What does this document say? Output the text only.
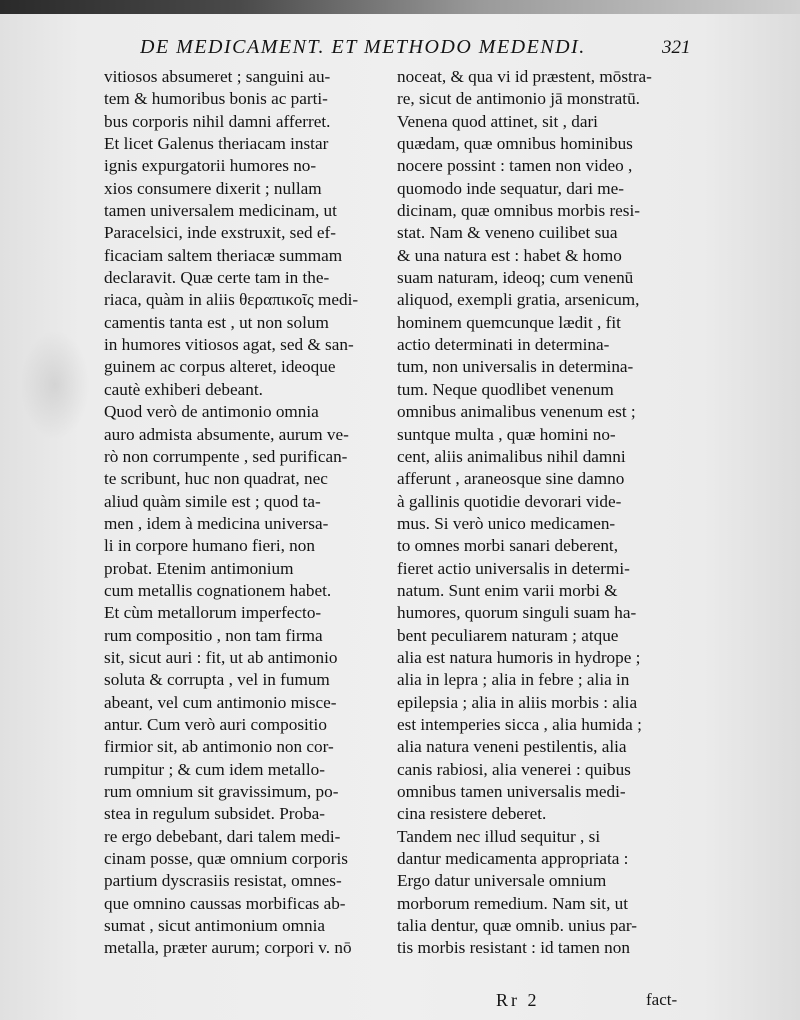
DE MEDICAMENT. ET METHODO MEDENDI.	321
vitiosos absumeret ; sanguini au-
tem & humoribus bonis ac parti-
bus corporis nihil damni afferret.
Et licet Galenus theriacam instar
ignis expurgatorii humores no-
xios consumere dixerit ; nullam
tamen universalem medicinam, ut
Paracelsici, inde exstruxit, sed ef-
ficaciam saltem theriacæ summam
declaravit. Quæ certe tam in the-
riaca, quàm in aliis θεραπικοῖς medi-
camentis tanta est , ut non solum
in humores vitiosos agat, sed & san-
guinem ac corpus alteret, ideoque
cautè exhiberi debeant.
Quod verò de antimonio omnia
auro admista absumente, aurum ve-
rò non corrumpente , sed purifican-
te scribunt, huc non quadrat, nec
aliud quàm simile est ; quod ta-
men , idem à medicina universa-
li in corpore humano fieri, non
probat. Etenim antimonium
cum metallis cognationem habet.
Et cùm metallorum imperfecto-
rum compositio , non tam firma
sit, sicut auri : fit, ut ab antimonio
soluta & corrupta , vel in fumum
abeant, vel cum antimonio misce-
antur. Cum verò auri compositio
firmior sit, ab antimonio non cor-
rumpitur ; & cum idem metallo-
rum omnium sit gravissimum, po-
stea in regulum subsidet. Proba-
re ergo debebant, dari talem medi-
cinam posse, quæ omnium corporis
partium dyscrasiis resistat, omnes-
que omnino caussas morbificas ab-
sumat , sicut antimonium omnia
metalla, præter aurum; corpori v. nō
noceat, & qua vi id præstent, mōstra-
re, sicut de antimonio jā monstratū.
Venena quod attinet, sit , dari
quædam, quæ omnibus hominibus
nocere possint : tamen non video ,
quomodo inde sequatur, dari me-
dicinam, quæ omnibus morbis resi-
stat. Nam & veneno cuilibet sua
& una natura est : habet & homo
suam naturam, ideoq; cum venenū
aliquod, exempli gratia, arsenicum,
hominem quemcunque lædit , fit
actio determinati in determina-
tum, non universalis in determina-
tum. Neque quodlibet venenum
omnibus animalibus venenum est ;
suntque multa , quæ homini no-
cent, aliis animalibus nihil damni
afferunt , araneosque sine damno
à gallinis quotidie devorari vide-
mus. Si verò unico medicamen-
to omnes morbi sanari deberent,
fieret actio universalis in determi-
natum. Sunt enim varii morbi &
humores, quorum singuli suam ha-
bent peculiarem naturam ; atque
alia est natura humoris in hydrope ;
alia in lepra ; alia in febre ; alia in
epilepsia ; alia in aliis morbis : alia
est intemperies sicca , alia humida ;
alia natura veneni pestilentis, alia
canis rabiosi, alia venerei : quibus
omnibus tamen universalis medi-
cina resistere deberet.
Tandem nec illud sequitur , si
dantur medicamenta appropriata :
Ergo datur universale omnium
morborum remedium. Nam sit, ut
talia dentur, quæ omnib. unius par-
tis morbis resistant : id tamen non
Rr 2	fact-
